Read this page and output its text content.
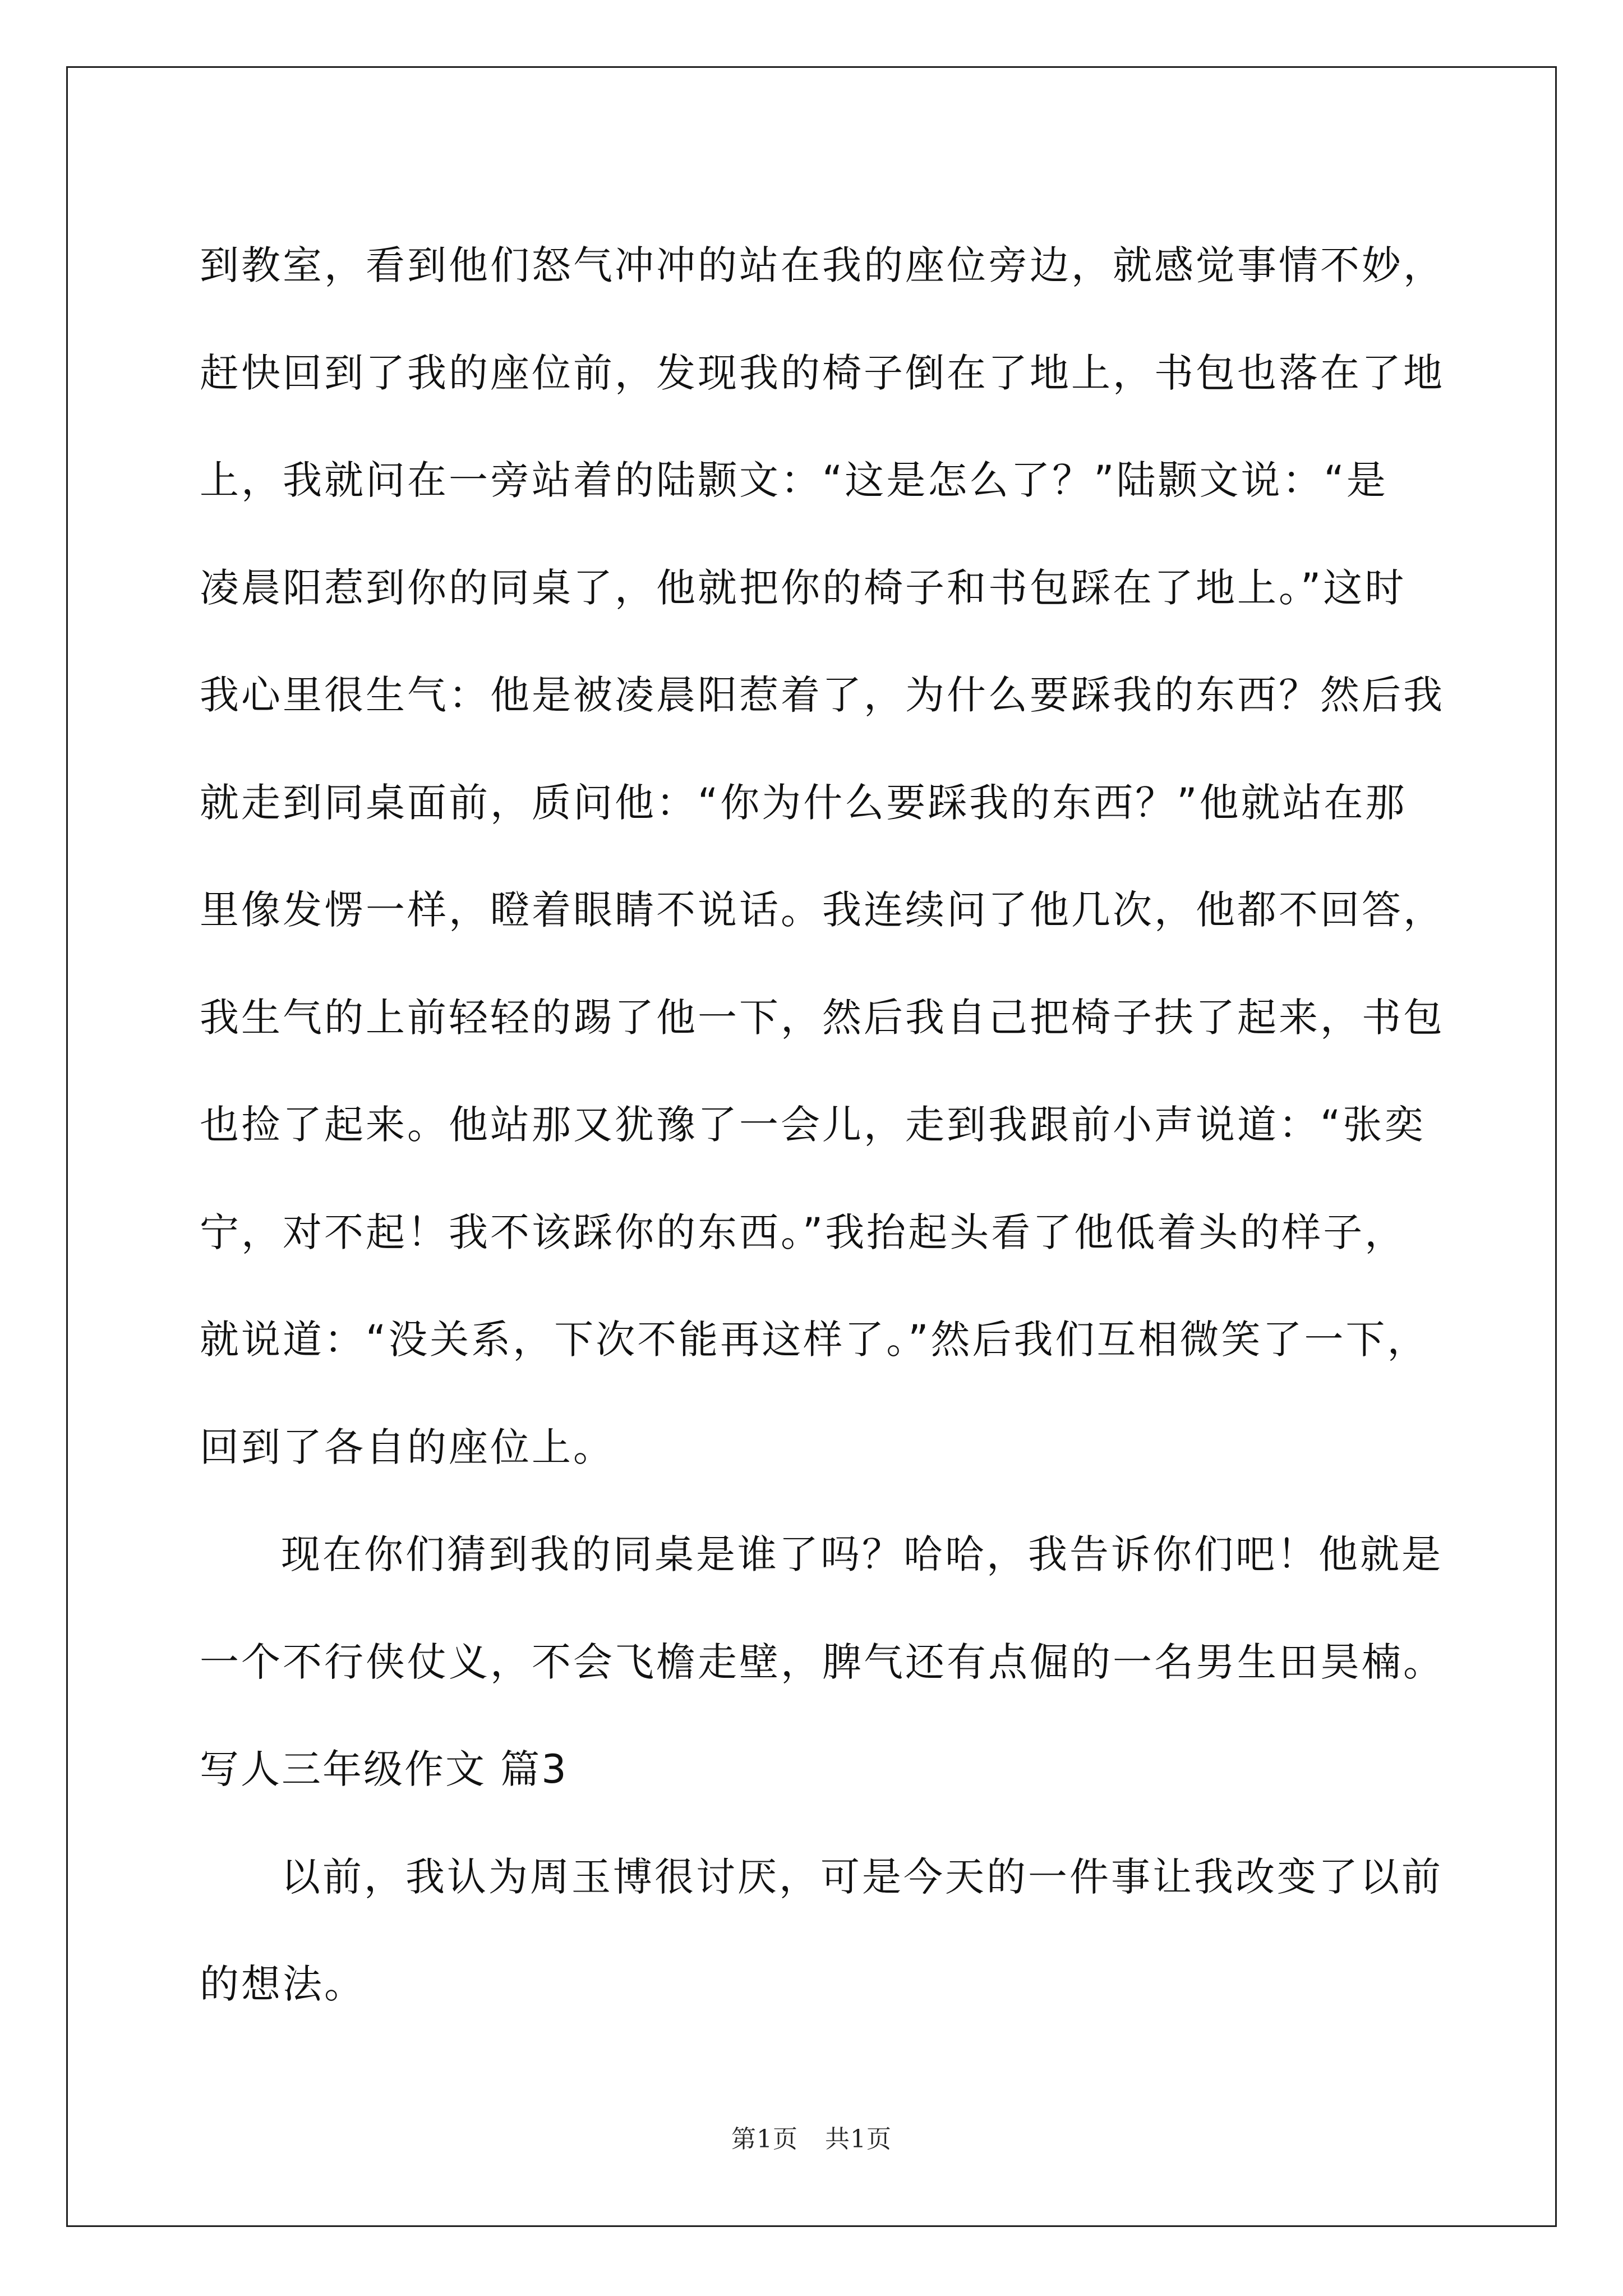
到教室，看到他们怒气冲冲的站在我的座位旁边，就感觉事情不妙，
赶快回到了我的座位前，发现我的椅子倒在了地上，书包也落在了地
上，我就问在一旁站着的陆颢文：“这是怎么了？”陆颢文说：“是
凌晨阳惹到你的同桌了，他就把你的椅子和书包踩在了地上。”这时
我心里很生气：他是被凌晨阳惹着了，为什么要踩我的东西？然后我
就走到同桌面前，质问他：“你为什么要踩我的东西？”他就站在那
里像发愣一样，瞪着眼睛不说话。我连续问了他几次，他都不回答，
我生气的上前轻轻的踢了他一下，然后我自己把椅子扶了起来，书包
也捡了起来。他站那又犹豫了一会儿，走到我跟前小声说道：“张奕
宁，对不起！我不该踩你的东西。”我抬起头看了他低着头的样子，
就说道：“没关系，下次不能再这样了。”然后我们互相微笑了一下，
回到了各自的座位上。
现在你们猜到我的同桌是谁了吗？哈哈，我告诉你们吧！他就是
一个不行侠仗义，不会飞檐走壁，脾气还有点倔的一名男生田昊楠。
写人三年级作文 篇3
以前，我认为周玉博很讨厌，可是今天的一件事让我改变了以前
的想法。
第1页 共1页
